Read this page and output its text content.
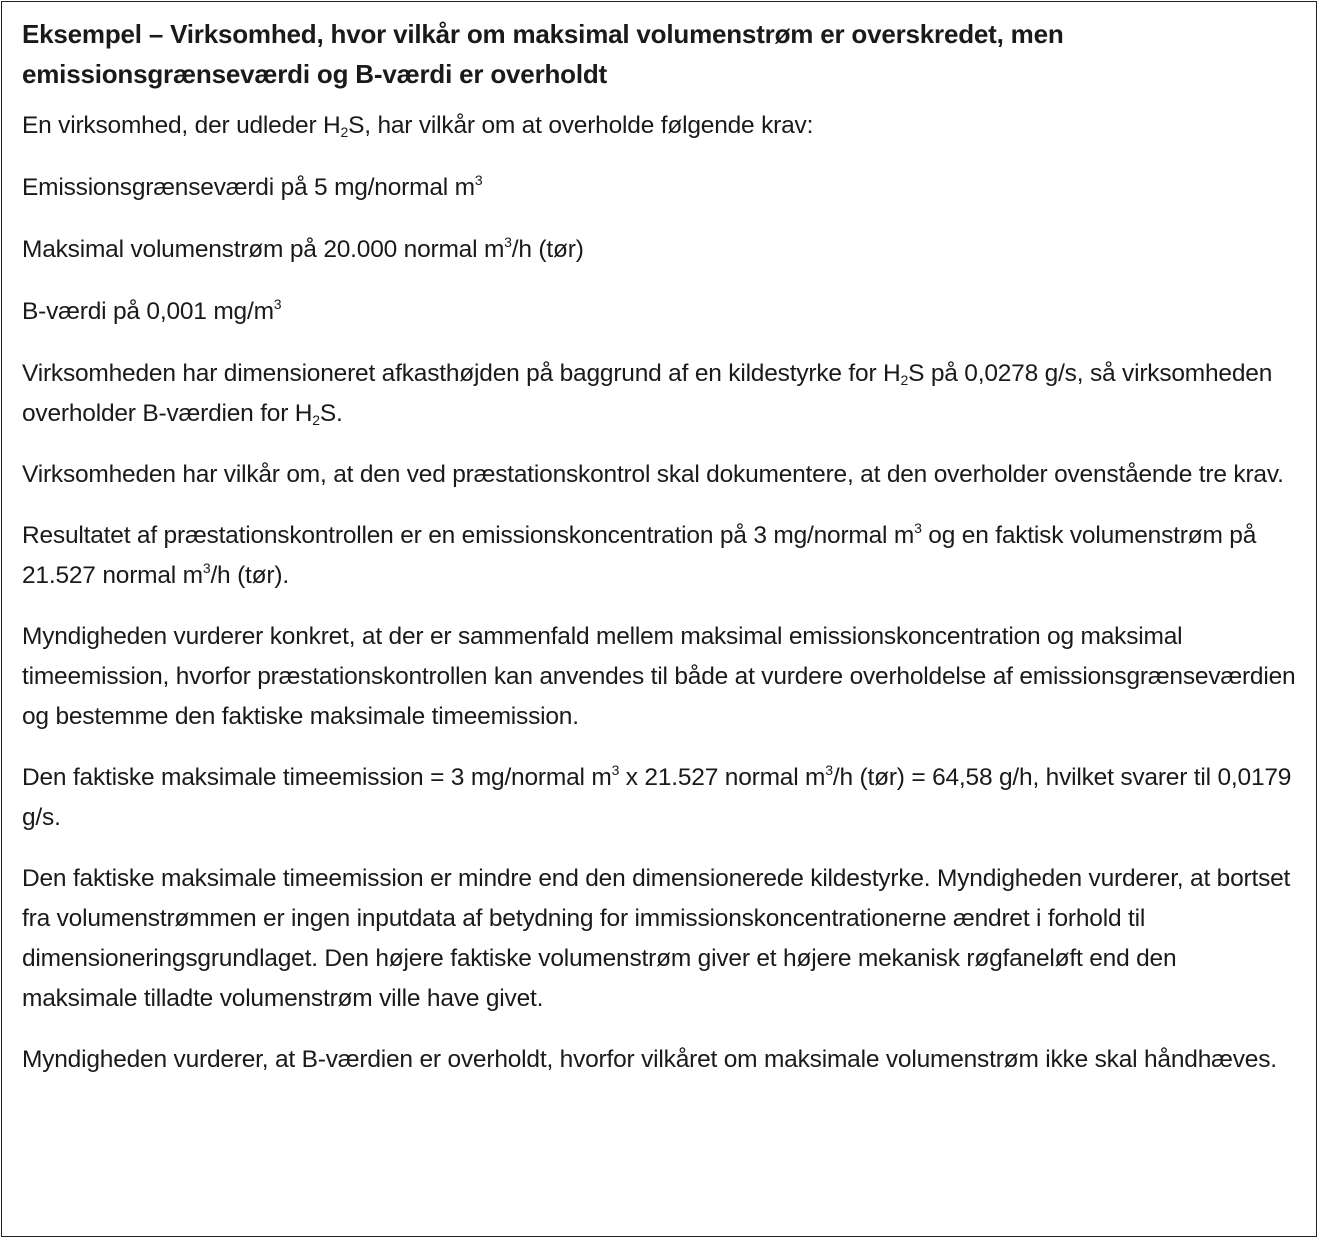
Eksempel – Virksomhed, hvor vilkår om maksimal volumenstrøm er overskredet, men emissionsgrænseværdi og B-værdi er overholdt

En virksomhed, der udleder $H_2S$, har vilkår om at overholde følgende krav:

Emissionsgrænseværdi på 5 mg/normal $m^3$

Maksimal volumenstrøm på 20.000 normal $m^3/h$ (tør)

B-værdi på 0,001 $mg/m^3$

Virksomheden har dimensioneret afkasthøjden på baggrund af en kildestyrke for $H_2S$ på 0,0278 g/s, så virksomheden overholder B-værdien for $H_2S$.

Virksomheden har vilkår om, at den ved præstationskontrol skal dokumentere, at den overholder ovenstående tre krav.

Resultatet af præstationskontrollen er en emissionskoncentration på 3 mg/normal $m^3$ og en faktisk volumenstrøm på 21.527 normal $m^3/h$ (tør).

Myndigheden vurderer konkret, at der er sammenfald mellem maksimal emissionskoncentration og maksimal timeemission, hvorfor præstationskontrollen kan anvendes til både at vurdere overholdelse af emissionsgrænseværdien og bestemme den faktiske maksimale timeemission.

Den faktiske maksimale timeemission = 3 mg/normal $m^3$ x 21.527 normal $m^3/h$ (tør) = 64,58 g/h, hvilket svarer til 0,0179 g/s.

Den faktiske maksimale timeemission er mindre end den dimensionerede kildestyrke. Myndigheden vurderer, at bortset fra volumenstrømmen er ingen inputdata af betydning for immissionskoncentrationerne ændret i forhold til dimensioneringsgrundlaget. Den højere faktiske volumenstrøm giver et højere mekanisk røgfaneløft end den maksimale tilladte volumenstrøm ville have givet.

Myndigheden vurderer, at B-værdien er overholdt, hvorfor vilkåret om maksimale volumenstrøm ikke skal håndhæves.
